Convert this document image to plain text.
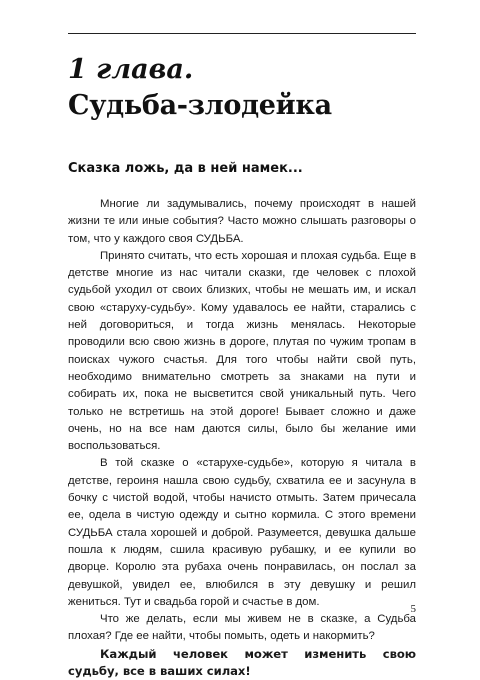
1 глава.
Судьба-злодейка
Сказка ложь, да в ней намек...

Многие ли задумывались, почему происходят в нашей жизни те или иные события? Часто можно слышать разговоры о том, что у каждого своя СУДЬБА.

Принято считать, что есть хорошая и плохая судьба. Еще в детстве многие из нас читали сказки, где человек с плохой судьбой уходил от своих близких, чтобы не мешать им, и искал свою «старуху-судьбу». Кому удавалось ее найти, старались с ней договориться, и тогда жизнь менялась. Некоторые проводили всю свою жизнь в дороге, плутая по чужим тропам в поисках чужого счастья. Для того чтобы найти свой путь, необходимо внимательно смотреть за знаками на пути и собирать их, пока не высветится свой уникальный путь. Чего только не встретишь на этой дороге! Бывает сложно и даже очень, но на все нам даются силы, было бы желание ими воспользоваться.

В той сказке о «старухе-судьбе», которую я читала в детстве, героиня нашла свою судьбу, схватила ее и засунула в бочку с чистой водой, чтобы начисто отмыть. Затем причесала ее, одела в чистую одежду и сытно кормила. С этого времени СУДЬБА стала хорошей и доброй. Разумеется, девушка дальше пошла к людям, сшила красивую рубашку, и ее купили во дворце. Королю эта рубаха очень понравилась, он послал за девушкой, увидел ее, влюбился в эту девушку и решил жениться. Тут и свадьба горой и счастье в дом.

Что же делать, если мы живем не в сказке, а Судьба плохая? Где ее найти, чтобы помыть, одеть и накормить?

Каждый человек может изменить свою судьбу, все в ваших силах!

5
